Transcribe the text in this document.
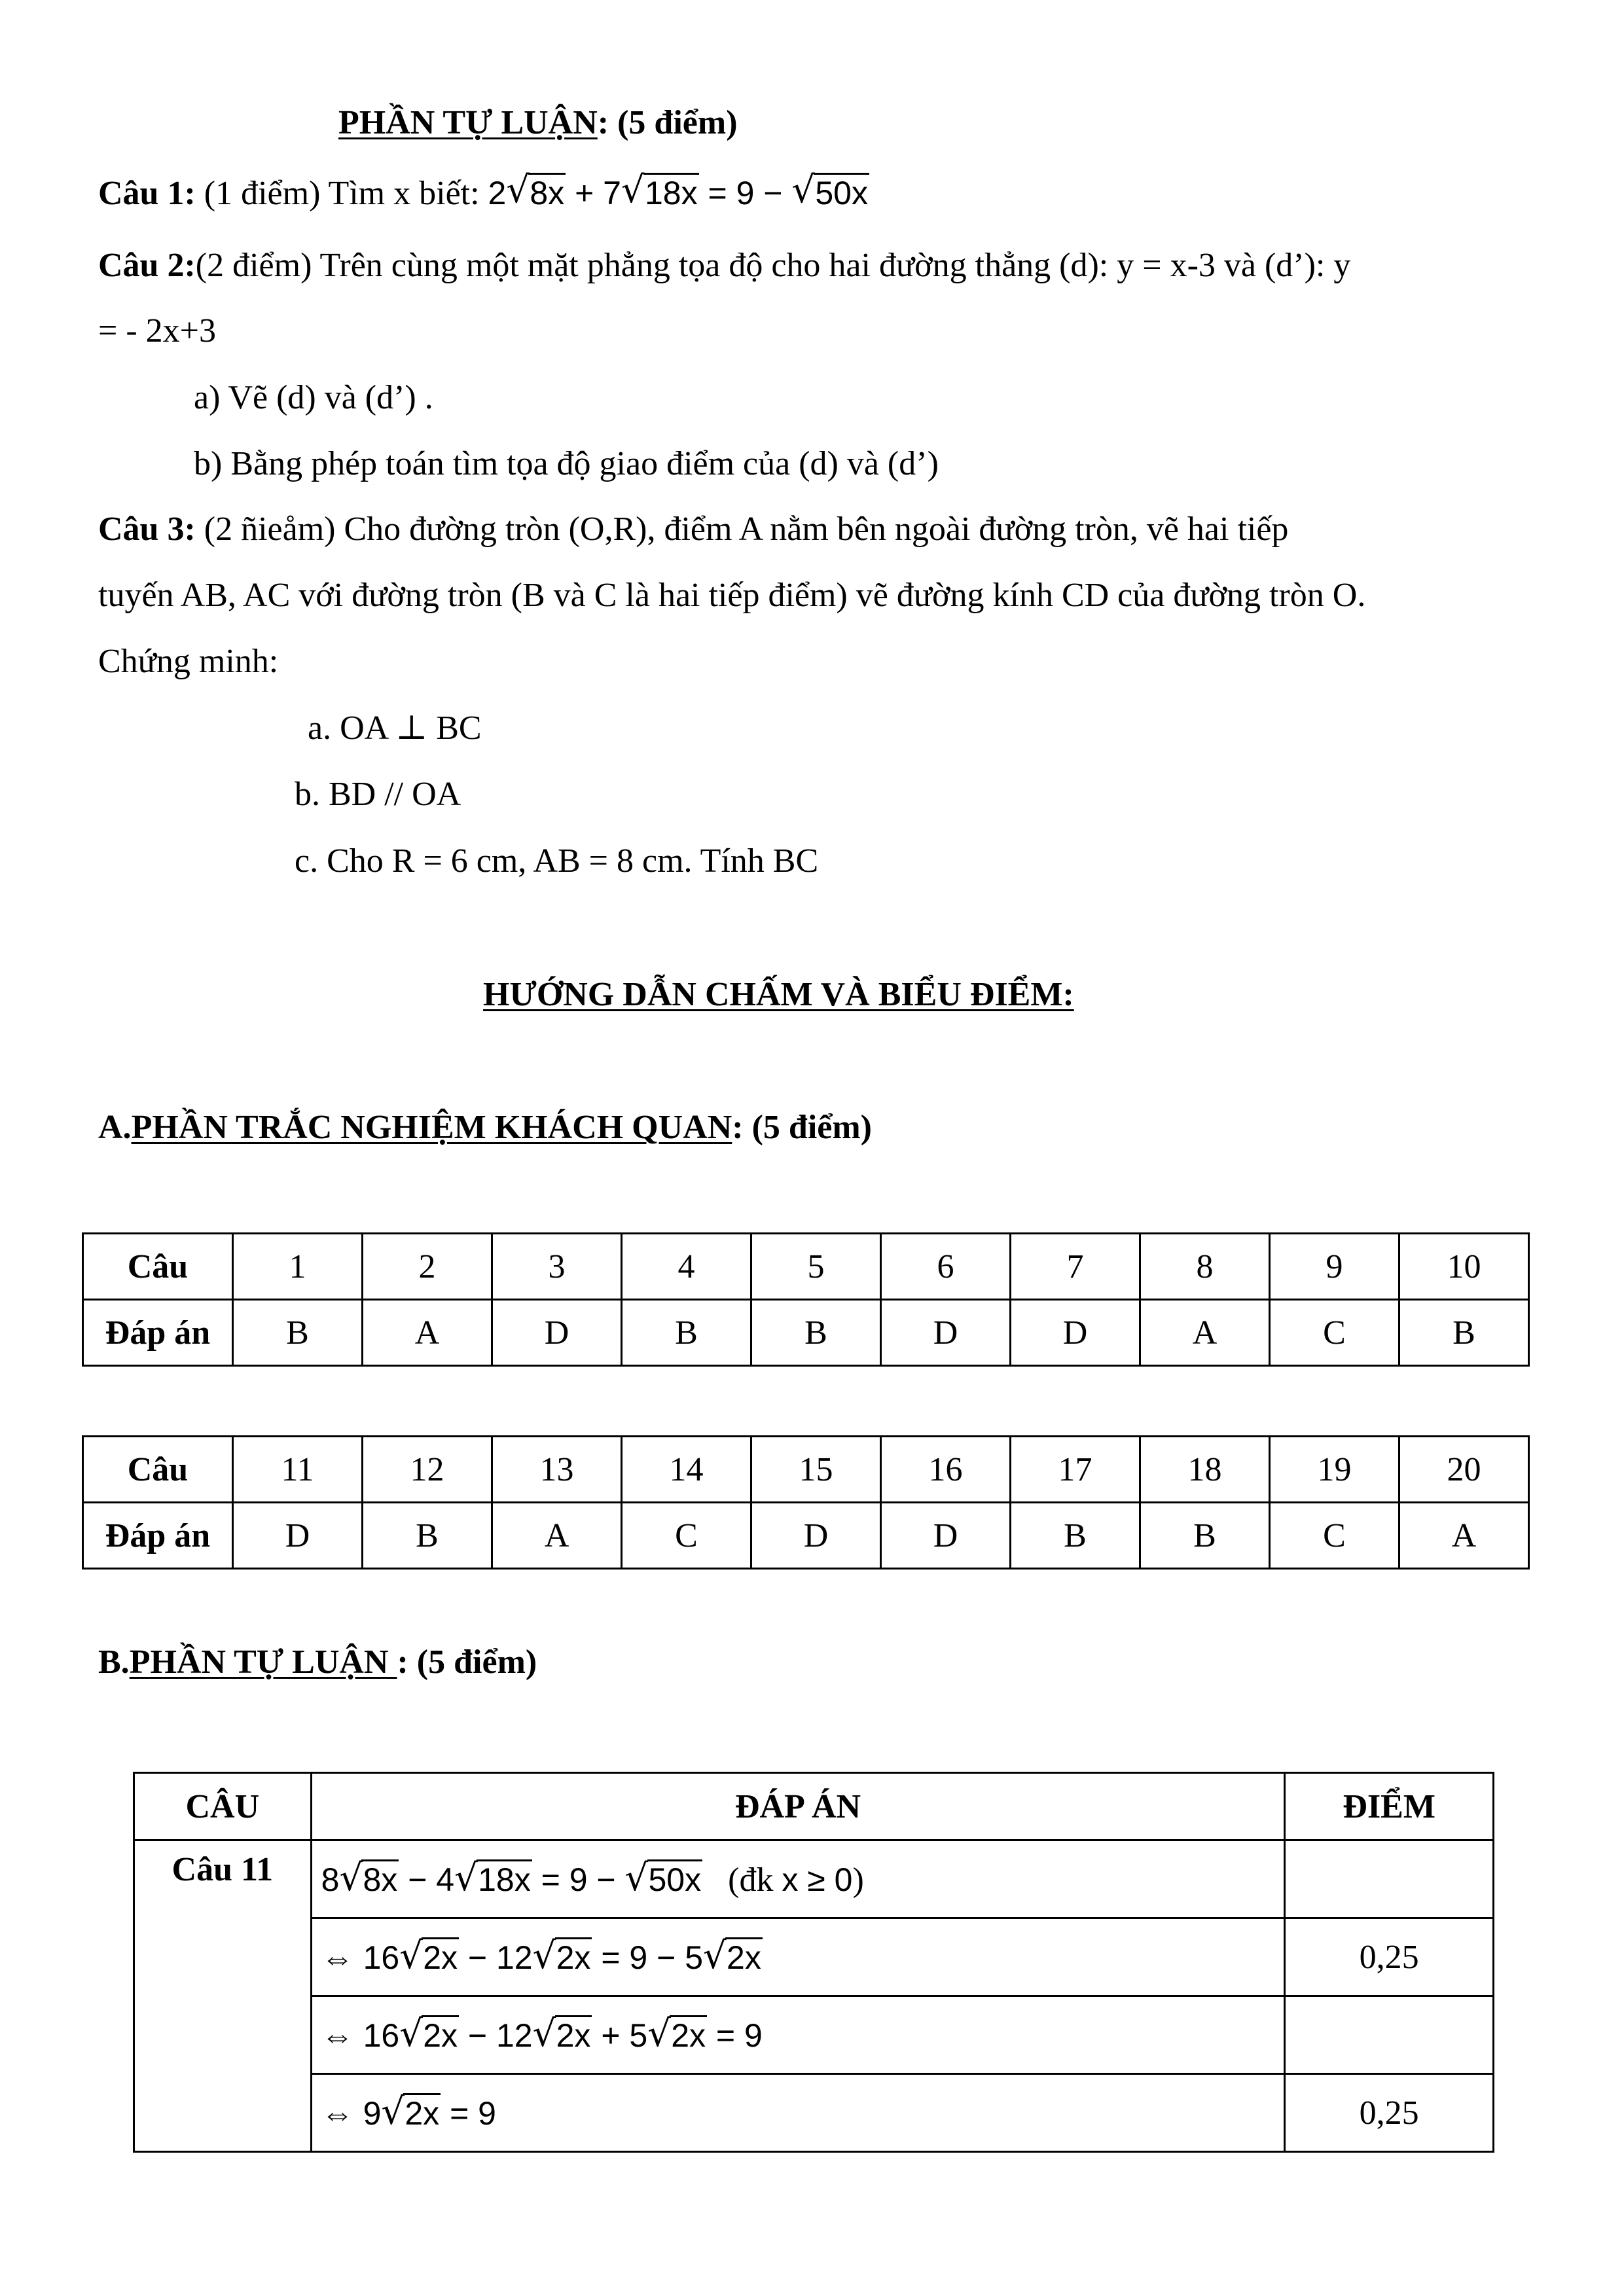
PHẦN TỰ LUẬN: (5 điểm)
Câu 1: (1 điểm) Tìm x biết: 2 √ 8x + 7 √ 18x = 9 − √ 50x
Câu 2:(2 điểm) Trên cùng một mặt phẳng tọa độ cho hai đường thẳng (d): y = x-3 và (d’): y
= - 2x+3
a) Vẽ (d) và (d’) .
b) Bằng phép toán tìm tọa độ giao điểm của (d) và (d’)
Câu 3: (2 ñieåm) Cho đường tròn (O,R), điểm A nằm bên ngoài đường tròn, vẽ hai tiếp
tuyến AB, AC với đường tròn (B và C là hai tiếp điểm) vẽ đường kính CD của đường tròn O.
Chứng minh:
a. OA ⊥ BC
b. BD // OA
c. Cho R = 6 cm, AB = 8 cm. Tính BC
HƯỚNG DẪN CHẤM VÀ BIỂU ĐIỂM:
A.PHẦN TRẮC NGHIỆM KHÁCH QUAN: (5 điểm)
Câu	1	2	3	4	5	6	7	8	9	10
Đáp án	B	A	D	B	B	D	D	A	C	B
Câu	11	12	13	14	15	16	17	18	19	20
Đáp án	D	B	A	C	D	D	B	B	C	A
B.PHẦN TỰ LUẬN : (5 điểm)
CÂU	ĐÁP ÁN	ĐIỂM
Câu 11	8 √ 8x − 4 √ 18x = 9 − √ 50x (đk x ≥ 0)	
	⇔ 16 √ 2x − 12 √ 2x = 9 − 5 √ 2x	0,25
	⇔ 16 √ 2x − 12 √ 2x + 5 √ 2x = 9	
	⇔ 9 √ 2x = 9	0,25
